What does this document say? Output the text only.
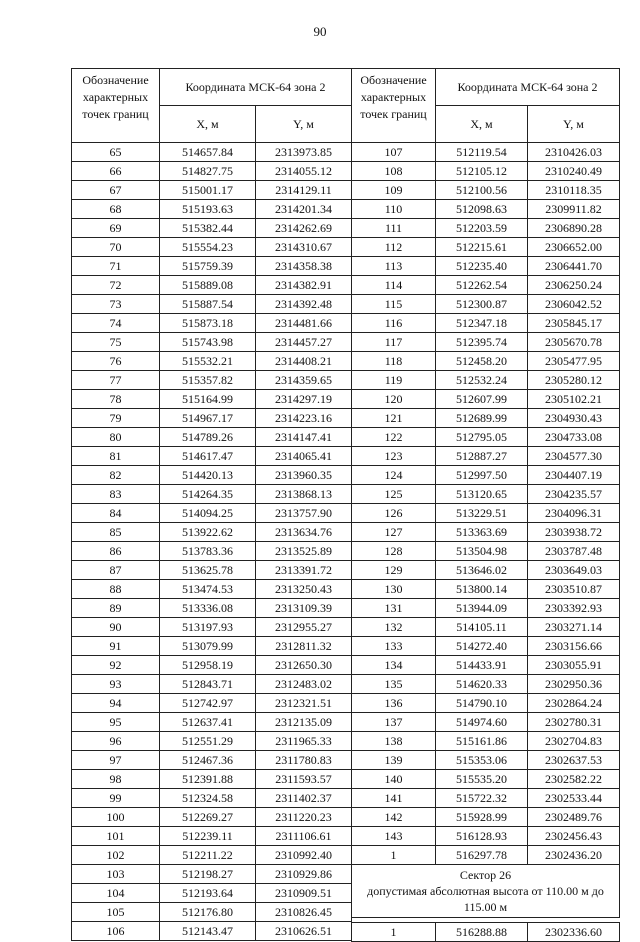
90
Обозначение характерных точек границ	Координата МСК-64 зона 2	
	X, м	Y, м
65	514657.84	2313973.85
66	514827.75	2314055.12
67	515001.17	2314129.11
68	515193.63	2314201.34
69	515382.44	2314262.69
70	515554.23	2314310.67
71	515759.39	2314358.38
72	515889.08	2314382.91
73	515887.54	2314392.48
74	515873.18	2314481.66
75	515743.98	2314457.27
76	515532.21	2314408.21
77	515357.82	2314359.65
78	515164.99	2314297.19
79	514967.17	2314223.16
80	514789.26	2314147.41
81	514617.47	2314065.41
82	514420.13	2313960.35
83	514264.35	2313868.13
84	514094.25	2313757.90
85	513922.62	2313634.76
86	513783.36	2313525.89
87	513625.78	2313391.72
88	513474.53	2313250.43
89	513336.08	2313109.39
90	513197.93	2312955.27
91	513079.99	2312811.32
92	512958.19	2312650.30
93	512843.71	2312483.02
94	512742.97	2312321.51
95	512637.41	2312135.09
96	512551.29	2311965.33
97	512467.36	2311780.83
98	512391.88	2311593.57
99	512324.58	2311402.37
100	512269.27	2311220.23
101	512239.11	2311106.61
102	512211.22	2310992.40
103	512198.27	2310929.86
104	512193.64	2310909.51
105	512176.80	2310826.45
106	512143.47	2310626.51
Обозначение характерных точек границ	Координата МСК-64 зона 2	
	X, м	Y, м
107	512119.54	2310426.03
108	512105.12	2310240.49
109	512100.56	2310118.35
110	512098.63	2309911.82
111	512203.59	2306890.28
112	512215.61	2306652.00
113	512235.40	2306441.70
114	512262.54	2306250.24
115	512300.87	2306042.52
116	512347.18	2305845.17
117	512395.74	2305670.78
118	512458.20	2305477.95
119	512532.24	2305280.12
120	512607.99	2305102.21
121	512689.99	2304930.43
122	512795.05	2304733.08
123	512887.27	2304577.30
124	512997.50	2304407.19
125	513120.65	2304235.57
126	513229.51	2304096.31
127	513363.69	2303938.72
128	513504.98	2303787.48
129	513646.02	2303649.03
130	513800.14	2303510.87
131	513944.09	2303392.93
132	514105.11	2303271.14
133	514272.40	2303156.66
134	514433.91	2303055.91
135	514620.33	2302950.36
136	514790.10	2302864.24
137	514974.60	2302780.31
138	515161.86	2302704.83
139	515353.06	2302637.53
140	515535.20	2302582.22
141	515722.32	2302533.44
142	515928.99	2302489.76
143	516128.93	2302456.43
1	516297.78	2302436.20

Сектор 26
допустимая абсолютная высота от 110.00 м до 115.00 м		

1	516288.88	2302336.60
